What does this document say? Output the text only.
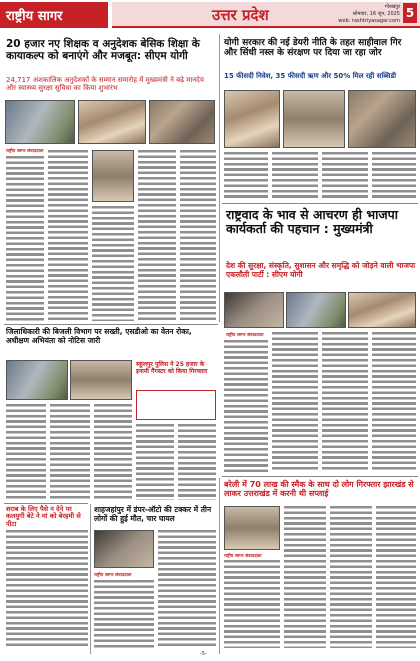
राष्ट्रीय सागर	उत्तर प्रदेश	गोरखपुर
सोमवार, 16 जून, 2025
web: rashtriyasagar.com
5
20 हजार नए शिक्षक व अनुदेशक बेसिक शिक्षा के कायाकल्प को बनाएंगे और मजबूत: सीएम योगी
24,717 अंशकालिक अनुदेशकों के सम्मान समारोह में मुख्यमंत्री ने बढ़े मानदेय और स्वास्थ्य सुरक्षा सुविधा का किया शुभारंभ
राष्ट्रीय सागर संवाददाता
योगी सरकार की नई डेयरी नीति के तहत साहीवाल गिर और सिंधी नस्ल के संरक्षण पर दिया जा रहा जोर
15 फीसदी निवेश, 35 फीसदी ऋण और 50% मिल रही सब्सिडी
राष्ट्रवाद के भाव से आचरण ही भाजपा कार्यकर्ता की पहचान : मुख्यमंत्री
देश की सुरक्षा, संस्कृति, सुशासन और समृद्धि को जोड़ने वाली भाजपा एकलौती पार्टी : सीएम योगी
राष्ट्रीय सागर संवाददाता
जिलाधिकारी की बिजली विभाग पर सख्ती, एसडीओ का वेतन रोका, अधीक्षण अभियंता को नोटिस जारी
स्कूलपुर पुलिस ने 25 हजार के इनामी गैंगस्टर को किया गिरफ्तार
शराब के लिए पैसे न देने पर कलयुगी बेटे ने मां को बेरहमी से पीटा
शाहजहांपुर में डंपर-ऑटो की टक्कर में तीन लोगों की हुई मौत, चार घायल
राष्ट्रीय सागर संवाददाता
बरेली में 70 लाख की स्मैक के साथ दो लोग गिरफ्तार झारखंड से लाकर उत्तराखंड में करनी थी सप्लाई
राष्ट्रीय सागर संवाददाता
-5-
